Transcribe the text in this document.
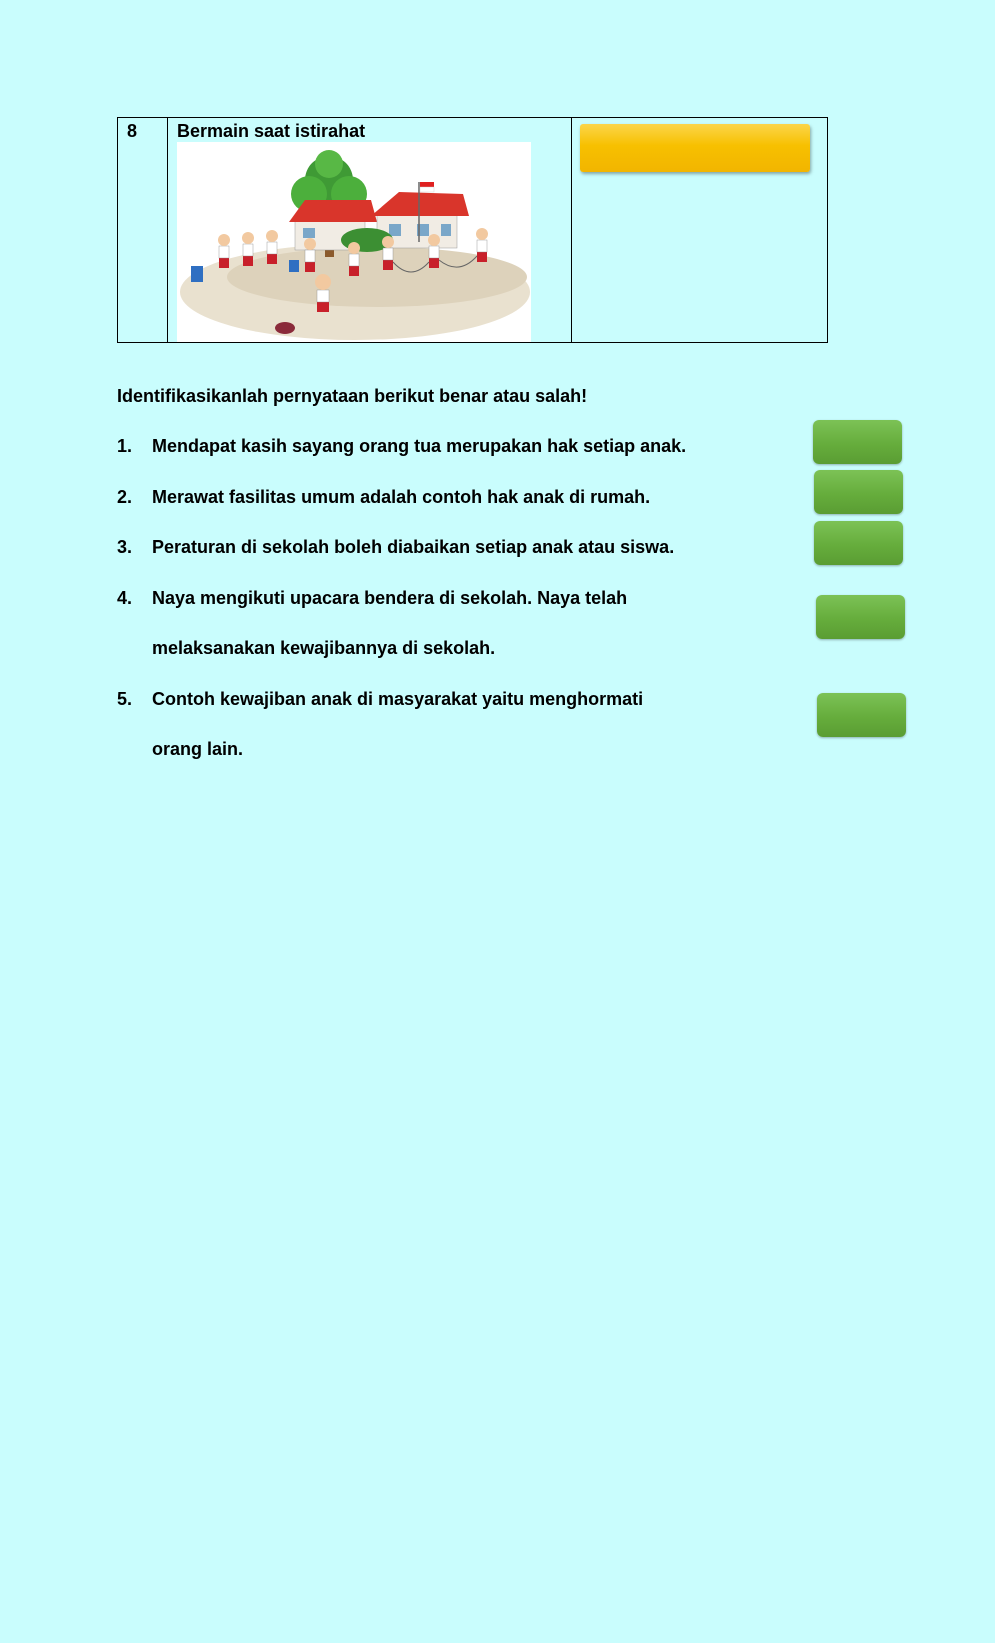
8 Bermain saat istirahat
Identifikasikanlah pernyataan berikut benar atau salah!
1. Mendapat kasih sayang orang tua merupakan hak setiap anak.
2. Merawat fasilitas umum adalah contoh hak anak di rumah.
3. Peraturan di sekolah boleh diabaikan setiap anak atau siswa.
4. Naya mengikuti upacara bendera di sekolah. Naya telah
melaksanakan kewajibannya di sekolah.
5. Contoh kewajiban anak di masyarakat yaitu menghormati
orang lain.
